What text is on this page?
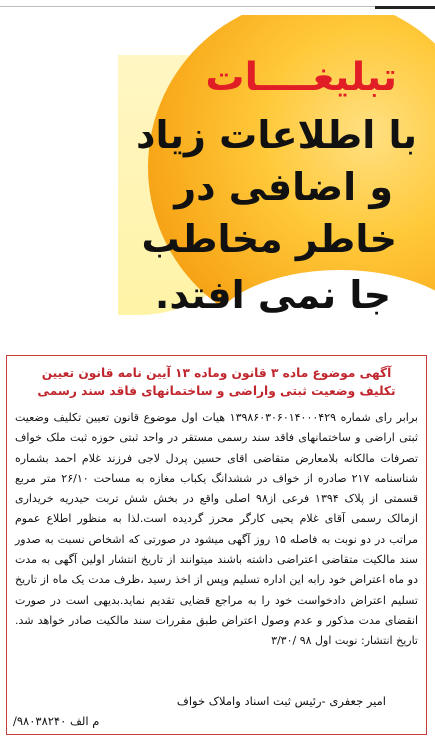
تبلیغــــات
با اطلاعات زیاد
و اضافی در
خاطر مخاطب
جا نمی افتد.
آگهی موضوع ماده ۳ قانون وماده ۱۳ آیین نامه قانون تعیین
تکلیف وضعیت ثبتی واراضی و ساختمانهای فاقد سند رسمی

برابر رای شماره ۱۳۹۸۶۰۳۰۶۰۱۴۰۰۰۴۲۹ هیات اول موضوع قانون تعیین تکلیف وضعیت ثبتی اراضی و ساختمانهای فاقد سند رسمی مستقر در واحد ثبتی حوزه ثبت ملک خواف تصرفات مالکانه بلامعارض متقاضی اقای حسین پردل لاجی فرزند غلام احمد بشماره شناسنامه ۲۱۷ صادره از خواف در ششدانگ یکباب مغازه به مساحت ۲۶/۱۰ متر مربع قسمتی از پلاک ۱۳۹۴ فرعی از۹۸ اصلی واقع در بخش شش تربت حیدریه خریداری ازمالک رسمی آقای غلام یحیی کارگر محرز گردیده است.لذا به منظور اطلاع عموم مراتب در دو نوبت به فاصله ۱۵ روز آگهی میشود در صورتی که اشخاص نسبت به صدور سند مالکیت متقاضی اعتراضی داشته باشند میتوانند از تاریخ انتشار اولین آگهی به مدت دو ماه اعتراض خود رابه این اداره تسلیم وپس از اخذ رسید ،ظرف مدت یک ماه از تاریخ تسلیم اعتراض دادخواست خود را به مراجع قضایی تقدیم نماید.بدیهی است در صورت انقضای مدت مذکور و عدم وصول اعتراض طبق مقررات سند مالکیت صادر خواهد شد. تاریخ انتشار: نوبت اول ۹۸ /۳/۳۰

امیر جعفری -رئیس ثبت اسناد واملاک خواف
م الف ۹۸۰۳۸۲۴۰/
